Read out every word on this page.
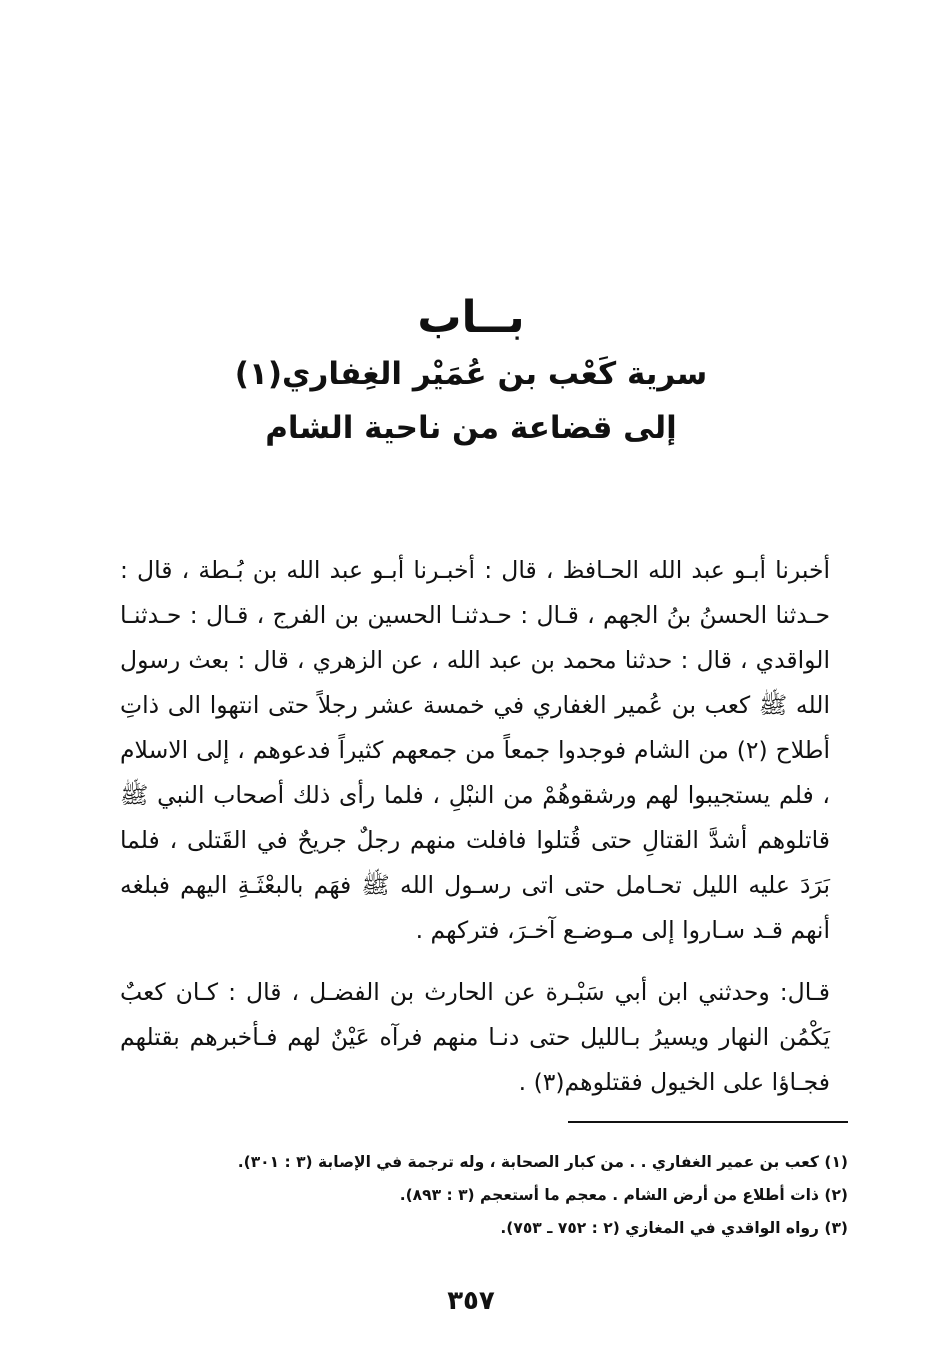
بــاب
سرية كَعْب بن عُمَيْر الغِفاري(١)
إلى قضاعة من ناحية الشام
أخبرنا أبـو عبد الله الحـافظ ، قال : أخبـرنا أبـو عبد الله بن بُـطة ، قال : حـدثنا الحسنُ بنُ الجهم ، قـال : حـدثنـا الحسين بن الفرج ، قـال : حـدثنـا الواقدي ، قال : حدثنا محمد بن عبد الله ، عن الزهري ، قال : بعث رسول الله ﷺ كعب بن عُمير الغفاري في خمسة عشر رجلاً حتى انتهوا الى ذاتِ أطلاح (٢) من الشام فوجدوا جمعاً من جمعهم كثيراً فدعوهم ، إلى الاسلام ، فلم يستجيبوا لهم ورشقوهُمْ من النبْلِ ، فلما رأى ذلك أصحاب النبي ﷺ قاتلوهم أشدَّ القتالِ حتى قُتلوا فافلت منهم رجلٌ جريحٌ في القَتلى ، فلما بَرَدَ عليه الليل تحـامل حتى اتى رسـول الله ﷺ فهَم بالبعْثَـةِ اليهم فبلغه أنهم قـد سـاروا إلى مـوضـع آخـرَ، فتركهم .
قـال: وحدثني ابن أبي سَبْـرة عن الحارث بن الفضـل ، قال : كـان كعبٌ يَكْمُن النهار ويسيرُ بـالليل حتى دنـا منهم فرآه عَيْنٌ لهم فـأخبرهم بقتلهم فجـاؤا على الخيول فقتلوهم(٣) .
(١) كعب بن عمير الغفاري . . من كبار الصحابة ، وله ترجمة في الإصابة (٣ : ٣٠١).
(٢) ذات أطلاع من أرض الشام . معجم ما أستعجم (٣ : ٨٩٣).
(٣) رواه الواقدي في المغازي (٢ : ٧٥٢ ـ ٧٥٣).
٣٥٧
